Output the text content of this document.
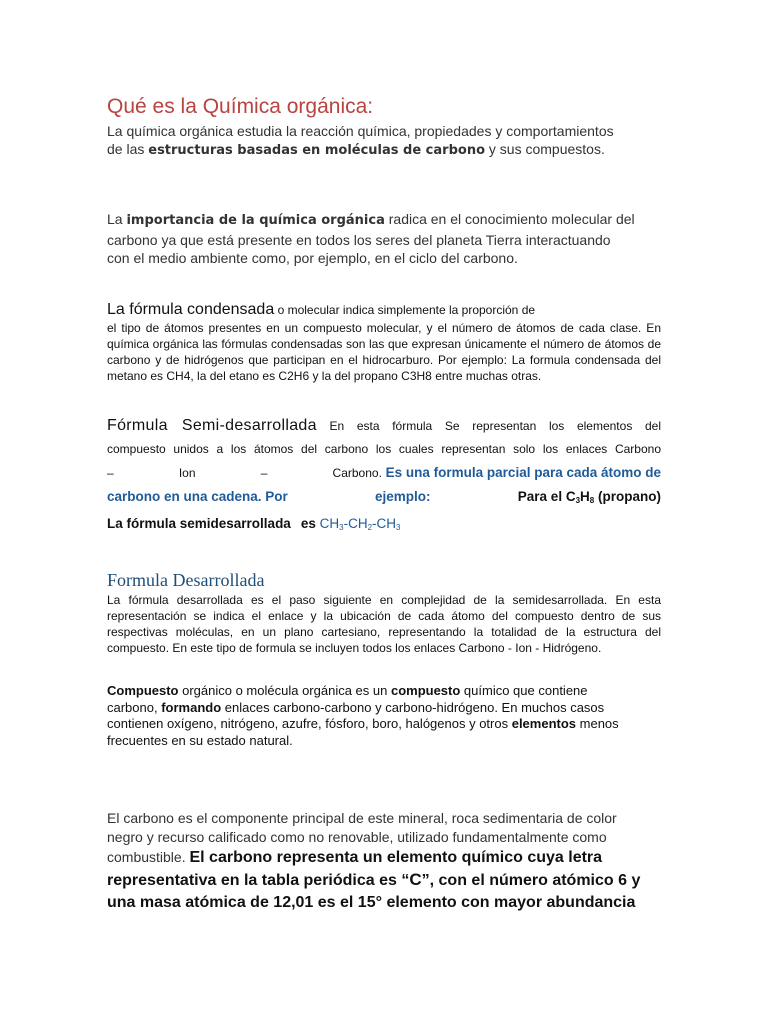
Qué es la Química orgánica:
La química orgánica estudia la reacción química, propiedades y comportamientos
de las estructuras basadas en moléculas de carbono y sus compuestos.
La importancia de la química orgánica radica en el conocimiento molecular del
carbono ya que está presente en todos los seres del planeta Tierra interactuando
con el medio ambiente como, por ejemplo, en el ciclo del carbono.
La fórmula condensada o molecular indica simplemente la proporción de
el tipo de átomos presentes en un compuesto molecular, y el número de átomos de cada clase. En química orgánica las fórmulas condensadas son las que expresan únicamente el número de átomos de carbono y de hidrógenos que participan en el hidrocarburo. Por ejemplo: La formula condensada del metano es CH4, la del etano es C2H6 y la del propano C3H8 entre muchas otras.
Fórmula Semi-desarrollada En esta fórmula Se representan los elementos del
compuesto unidos a los átomos del carbono los cuales representan solo los enlaces Carbono
–	Ion	–	Carbono. Es una formula parcial para cada átomo de
carbono en una cadena. Por	ejemplo:	Para el $C_3H_8$ (propano)
La fórmula semidesarrollada es $CH_3-CH_2-CH_3$
Formula Desarrollada
La fórmula desarrollada es el paso siguiente en complejidad de la semidesarrollada. En esta representación se indica el enlace y la ubicación de cada átomo del compuesto dentro de sus respectivas moléculas, en un plano cartesiano, representando la totalidad de la estructura del compuesto. En este tipo de formula se incluyen todos los enlaces Carbono - Ion - Hidrógeno.
Compuesto orgánico o molécula orgánica es un compuesto químico que contiene
carbono, formando enlaces carbono-carbono y carbono-hidrógeno. En muchos casos
contienen oxígeno, nitrógeno, azufre, fósforo, boro, halógenos y otros elementos menos
frecuentes en su estado natural.
El carbono es el componente principal de este mineral, roca sedimentaria de color
negro y recurso calificado como no renovable, utilizado fundamentalmente como
combustible. El carbono representa un elemento químico cuya letra
representativa en la tabla periódica es “C”, con el número atómico 6 y
una masa atómica de 12,01 es el 15° elemento con mayor abundancia
